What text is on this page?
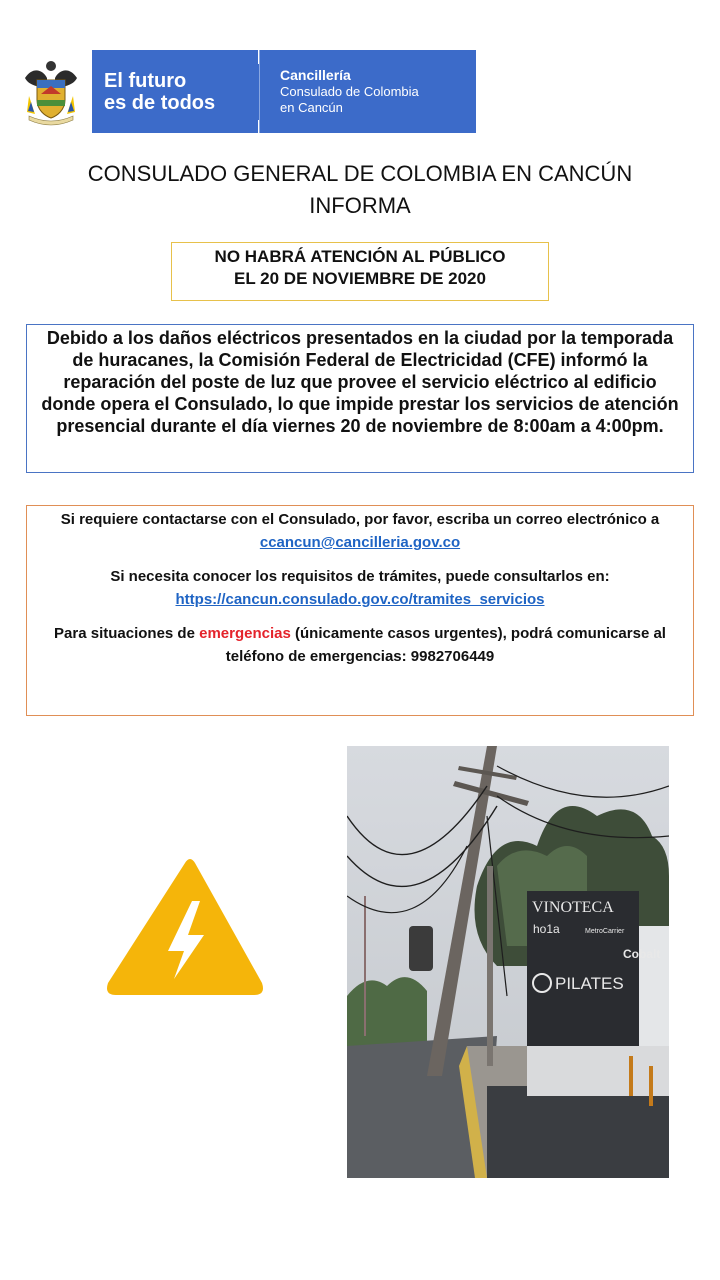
El futuro
es de todos
Cancillería
Consulado de Colombia
en Cancún
CONSULADO GENERAL DE COLOMBIA EN CANCÚN
INFORMA
NO HABRÁ ATENCIÓN AL PÚBLICO
EL 20 DE NOVIEMBRE DE 2020
Debido a los daños eléctricos presentados en la ciudad por la temporada de huracanes, la Comisión Federal de Electricidad (CFE) informó la reparación del poste de luz que provee el servicio eléctrico al edificio donde opera el Consulado, lo que impide prestar los servicios de atención presencial durante el día viernes 20 de noviembre de 8:00am a 4:00pm.

Si requiere contactarse con el Consulado, por favor, escriba un correo electrónico a ccancun@cancilleria.gov.co

Si necesita conocer los requisitos de trámites, puede consultarlos en: https://cancun.consulado.gov.co/tramites_servicios

Para situaciones de emergencias (únicamente casos urgentes), podrá comunicarse al teléfono de emergencias: 9982706449

VINOTECA
ho1a	MetroCarrier
Cobalt
PILATES
